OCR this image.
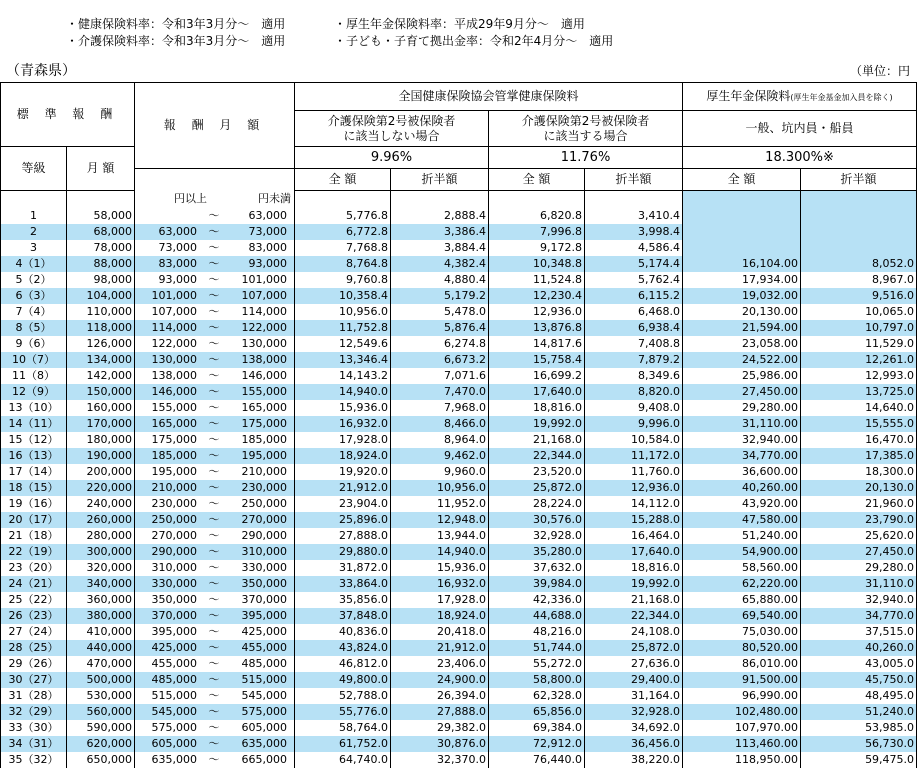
・健康保険料率：令和3年3月分～　適用	・厚生年金保険料率：平成29年9月分～　適用
・介護保険料率：令和3年3月分～　適用	・子ども・子育て拠出金率：令和2年4月分～　適用
（青森県）	（単位：円
標 準 報 酬		報 酬 月 額	全国健康保険協会管掌健康保険料				厚生年金保険料(厚生年金基金加入員を除く)	
			介護保険第2号被保険者
に該当しない場合		介護保険第2号被保険者
に該当する場合		一般、坑内員・船員	
等級	月 額		9.96%		11.76%		18.300%※	
			全 額	折半額	全 額	折半額	全 額	折半額

		円以上 円未満						

1	58,000	～ 63,000	5,776.8	2,888.4	6,820.8	3,410.4		
2	68,000	63,000 ～ 73,000	6,772.8	3,386.4	7,996.8	3,998.4		
3	78,000	73,000 ～ 83,000	7,768.8	3,884.4	9,172.8	4,586.4		
4（1）	88,000	83,000 ～ 93,000	8,764.8	4,382.4	10,348.8	5,174.4	16,104.00	8,052.0
5（2）	98,000	93,000 ～ 101,000	9,760.8	4,880.4	11,524.8	5,762.4	17,934.00	8,967.0
6（3）	104,000	101,000 ～ 107,000	10,358.4	5,179.2	12,230.4	6,115.2	19,032.00	9,516.0
7（4）	110,000	107,000 ～ 114,000	10,956.0	5,478.0	12,936.0	6,468.0	20,130.00	10,065.0
8（5）	118,000	114,000 ～ 122,000	11,752.8	5,876.4	13,876.8	6,938.4	21,594.00	10,797.0
9（6）	126,000	122,000 ～ 130,000	12,549.6	6,274.8	14,817.6	7,408.8	23,058.00	11,529.0
10（7）	134,000	130,000 ～ 138,000	13,346.4	6,673.2	15,758.4	7,879.2	24,522.00	12,261.0
11（8）	142,000	138,000 ～ 146,000	14,143.2	7,071.6	16,699.2	8,349.6	25,986.00	12,993.0
12（9）	150,000	146,000 ～ 155,000	14,940.0	7,470.0	17,640.0	8,820.0	27,450.00	13,725.0
13（10）	160,000	155,000 ～ 165,000	15,936.0	7,968.0	18,816.0	9,408.0	29,280.00	14,640.0
14（11）	170,000	165,000 ～ 175,000	16,932.0	8,466.0	19,992.0	9,996.0	31,110.00	15,555.0
15（12）	180,000	175,000 ～ 185,000	17,928.0	8,964.0	21,168.0	10,584.0	32,940.00	16,470.0
16（13）	190,000	185,000 ～ 195,000	18,924.0	9,462.0	22,344.0	11,172.0	34,770.00	17,385.0
17（14）	200,000	195,000 ～ 210,000	19,920.0	9,960.0	23,520.0	11,760.0	36,600.00	18,300.0
18（15）	220,000	210,000 ～ 230,000	21,912.0	10,956.0	25,872.0	12,936.0	40,260.00	20,130.0
19（16）	240,000	230,000 ～ 250,000	23,904.0	11,952.0	28,224.0	14,112.0	43,920.00	21,960.0
20（17）	260,000	250,000 ～ 270,000	25,896.0	12,948.0	30,576.0	15,288.0	47,580.00	23,790.0
21（18）	280,000	270,000 ～ 290,000	27,888.0	13,944.0	32,928.0	16,464.0	51,240.00	25,620.0
22（19）	300,000	290,000 ～ 310,000	29,880.0	14,940.0	35,280.0	17,640.0	54,900.00	27,450.0
23（20）	320,000	310,000 ～ 330,000	31,872.0	15,936.0	37,632.0	18,816.0	58,560.00	29,280.0
24（21）	340,000	330,000 ～ 350,000	33,864.0	16,932.0	39,984.0	19,992.0	62,220.00	31,110.0
25（22）	360,000	350,000 ～ 370,000	35,856.0	17,928.0	42,336.0	21,168.0	65,880.00	32,940.0
26（23）	380,000	370,000 ～ 395,000	37,848.0	18,924.0	44,688.0	22,344.0	69,540.00	34,770.0
27（24）	410,000	395,000 ～ 425,000	40,836.0	20,418.0	48,216.0	24,108.0	75,030.00	37,515.0
28（25）	440,000	425,000 ～ 455,000	43,824.0	21,912.0	51,744.0	25,872.0	80,520.00	40,260.0
29（26）	470,000	455,000 ～ 485,000	46,812.0	23,406.0	55,272.0	27,636.0	86,010.00	43,005.0
30（27）	500,000	485,000 ～ 515,000	49,800.0	24,900.0	58,800.0	29,400.0	91,500.00	45,750.0
31（28）	530,000	515,000 ～ 545,000	52,788.0	26,394.0	62,328.0	31,164.0	96,990.00	48,495.0
32（29）	560,000	545,000 ～ 575,000	55,776.0	27,888.0	65,856.0	32,928.0	102,480.00	51,240.0
33（30）	590,000	575,000 ～ 605,000	58,764.0	29,382.0	69,384.0	34,692.0	107,970.00	53,985.0
34（31）	620,000	605,000 ～ 635,000	61,752.0	30,876.0	72,912.0	36,456.0	113,460.00	56,730.0
35（32）	650,000	635,000 ～ 665,000	64,740.0	32,370.0	76,440.0	38,220.0	118,950.00	59,475.0
